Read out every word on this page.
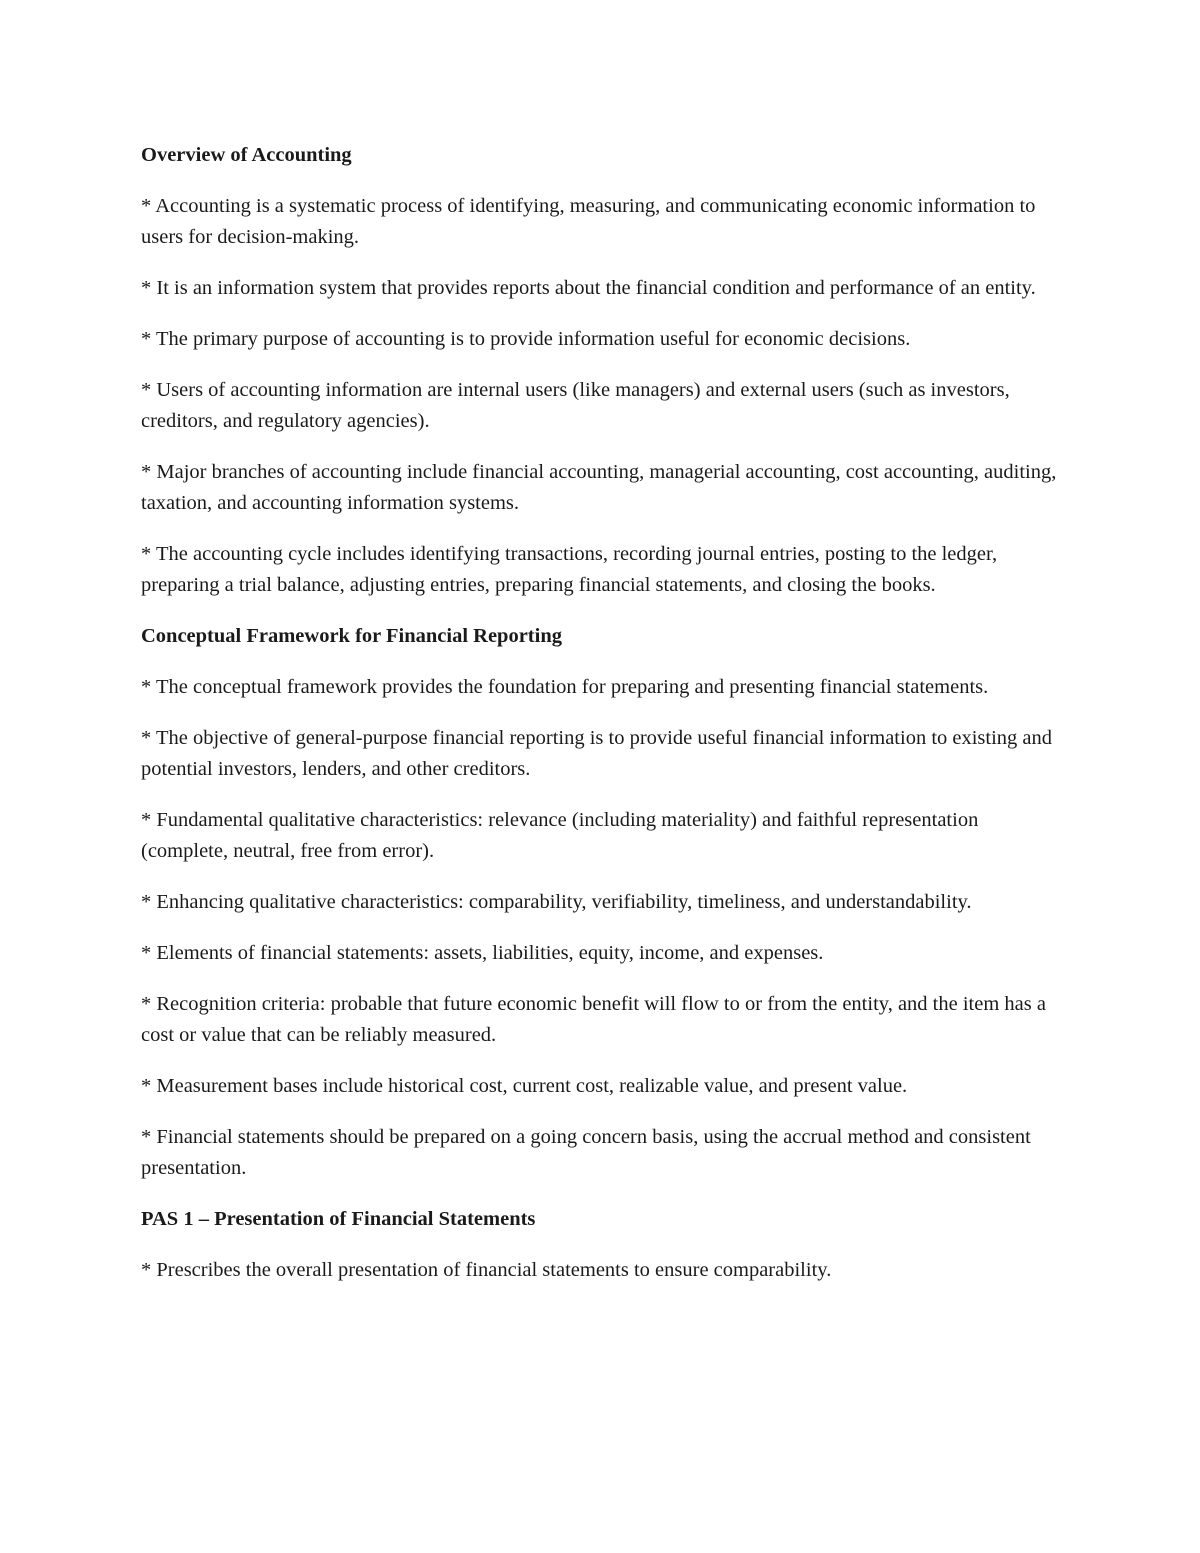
Overview of Accounting

* Accounting is a systematic process of identifying, measuring, and communicating economic information to users for decision-making.

* It is an information system that provides reports about the financial condition and performance of an entity.

* The primary purpose of accounting is to provide information useful for economic decisions.

* Users of accounting information are internal users (like managers) and external users (such as investors, creditors, and regulatory agencies).

* Major branches of accounting include financial accounting, managerial accounting, cost accounting, auditing, taxation, and accounting information systems.

* The accounting cycle includes identifying transactions, recording journal entries, posting to the ledger, preparing a trial balance, adjusting entries, preparing financial statements, and closing the books.

Conceptual Framework for Financial Reporting

* The conceptual framework provides the foundation for preparing and presenting financial statements.

* The objective of general-purpose financial reporting is to provide useful financial information to existing and potential investors, lenders, and other creditors.

* Fundamental qualitative characteristics: relevance (including materiality) and faithful representation (complete, neutral, free from error).

* Enhancing qualitative characteristics: comparability, verifiability, timeliness, and understandability.

* Elements of financial statements: assets, liabilities, equity, income, and expenses.

* Recognition criteria: probable that future economic benefit will flow to or from the entity, and the item has a cost or value that can be reliably measured.

* Measurement bases include historical cost, current cost, realizable value, and present value.

* Financial statements should be prepared on a going concern basis, using the accrual method and consistent presentation.

PAS 1 – Presentation of Financial Statements

* Prescribes the overall presentation of financial statements to ensure comparability.
